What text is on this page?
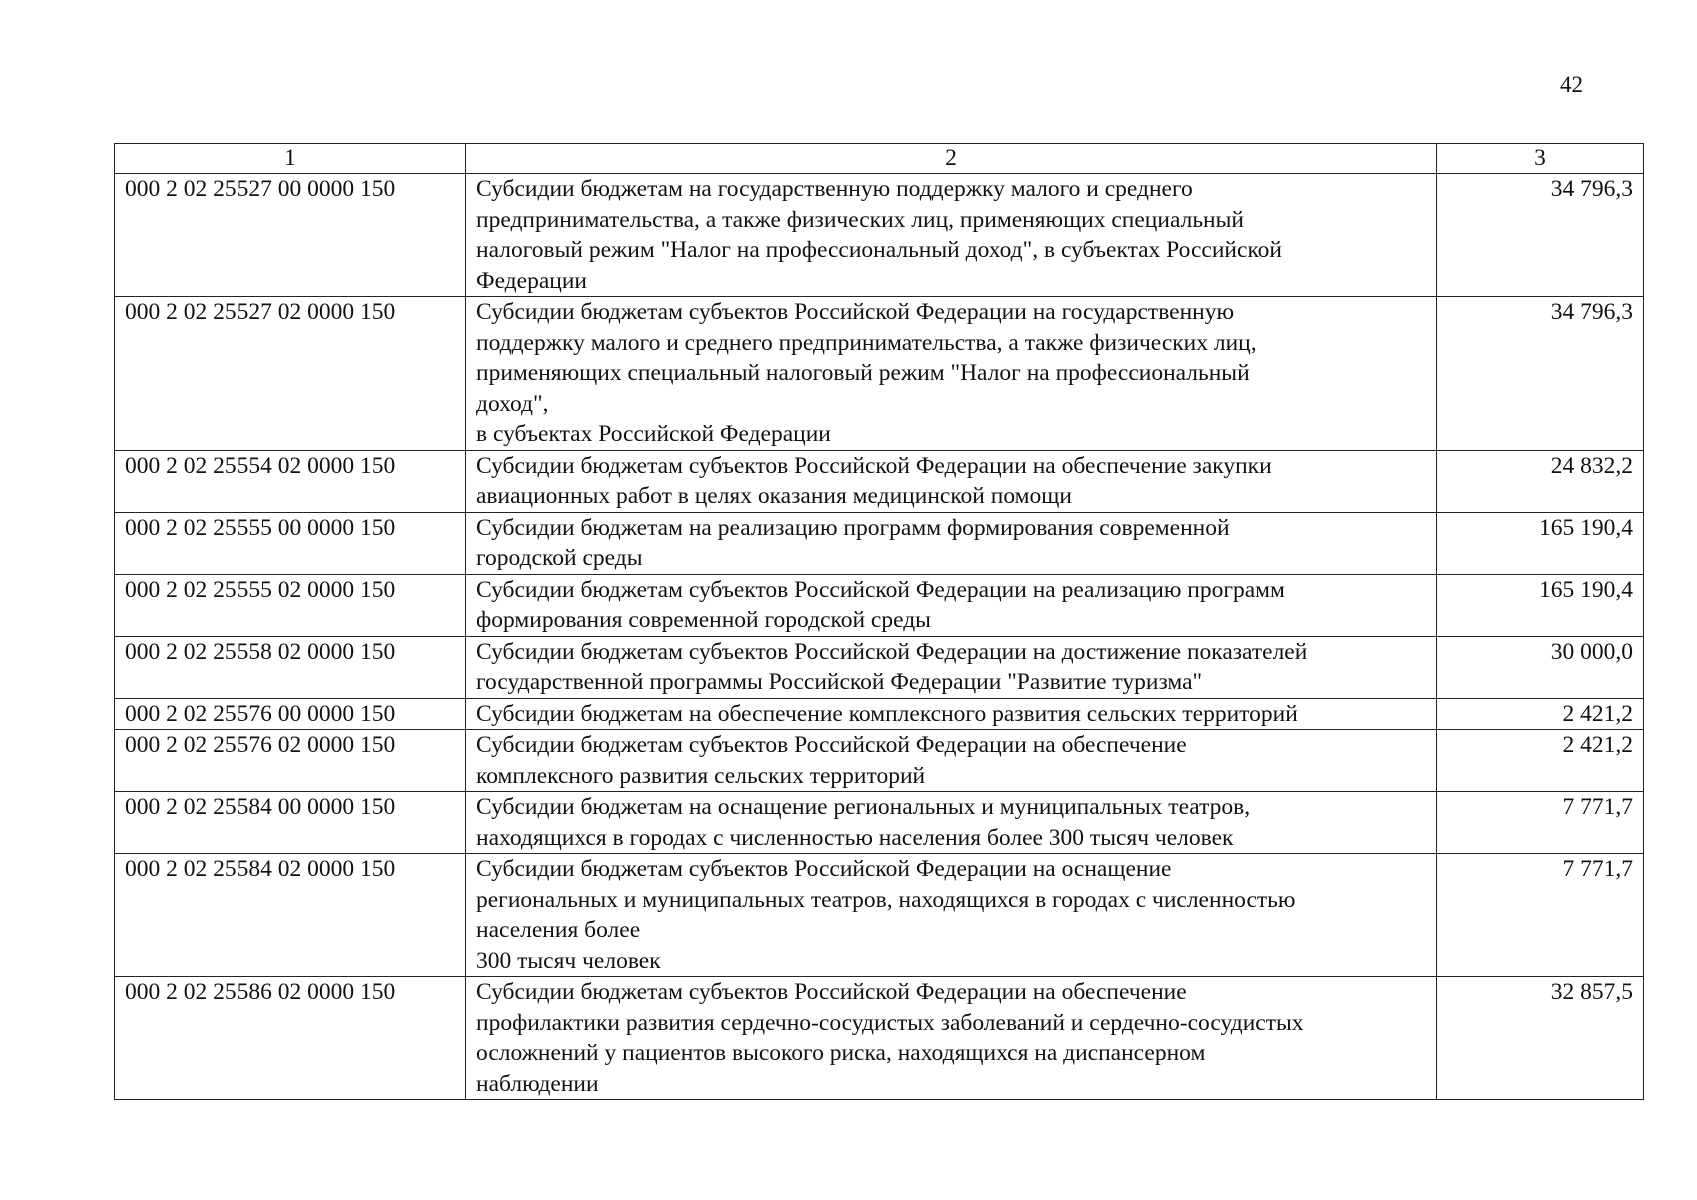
42
1	2	3
000 2 02 25527 00 0000 150	Субсидии бюджетам на государственную поддержку малого и среднего
предпринимательства, а также физических лиц, применяющих специальный
налоговый режим "Налог на профессиональный доход", в субъектах Российской
Федерации	34 796,3
000 2 02 25527 02 0000 150	Субсидии бюджетам субъектов Российской Федерации на государственную
поддержку малого и среднего предпринимательства, а также физических лиц,
применяющих специальный налоговый режим "Налог на профессиональный
доход",
в субъектах Российской Федерации	34 796,3
000 2 02 25554 02 0000 150	Субсидии бюджетам субъектов Российской Федерации на обеспечение закупки
авиационных работ в целях оказания медицинской помощи	24 832,2
000 2 02 25555 00 0000 150	Субсидии бюджетам на реализацию программ формирования современной
городской среды	165 190,4
000 2 02 25555 02 0000 150	Субсидии бюджетам субъектов Российской Федерации на реализацию программ
формирования современной городской среды	165 190,4
000 2 02 25558 02 0000 150	Субсидии бюджетам субъектов Российской Федерации на достижение показателей
государственной программы Российской Федерации "Развитие туризма"	30 000,0
000 2 02 25576 00 0000 150	Субсидии бюджетам на обеспечение комплексного развития сельских территорий	2 421,2
000 2 02 25576 02 0000 150	Субсидии бюджетам субъектов Российской Федерации на обеспечение
комплексного развития сельских территорий	2 421,2
000 2 02 25584 00 0000 150	Субсидии бюджетам на оснащение региональных и муниципальных театров,
находящихся в городах с численностью населения более 300 тысяч человек	7 771,7
000 2 02 25584 02 0000 150	Субсидии бюджетам субъектов Российской Федерации на оснащение
региональных и муниципальных театров, находящихся в городах с численностью
населения более
300 тысяч человек	7 771,7
000 2 02 25586 02 0000 150	Субсидии бюджетам субъектов Российской Федерации на обеспечение
профилактики развития сердечно-сосудистых заболеваний и сердечно-сосудистых
осложнений у пациентов высокого риска, находящихся на диспансерном
наблюдении	32 857,5
